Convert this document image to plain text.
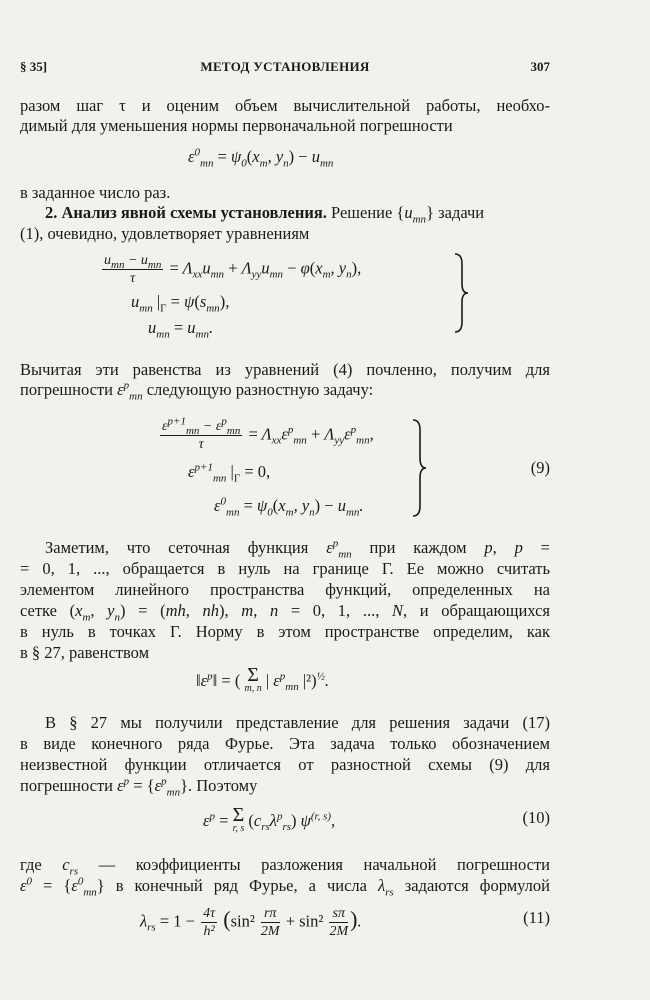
§ 35]	МЕТОД УСТАНОВЛЕНИЯ	307
разом шаг τ и оценим объем вычислительной работы, необхо-
димый для уменьшения нормы первоначальной погрешности
$\varepsilon^0_{mn} = \psi_0(x_m$, $y_n) - u_{mn}$
в заданное число раз.
2. Анализ явной схемы установления. Решение $\{u_{mn}\}$ задачи
(1), очевидно, удовлетворяет уравнениям
$\frac{u_{mn} - u_{mn}}{\tau} = \Lambda_{xx}u_{mn} + \Lambda_{yy}u_{mn} - \varphi(x_m$, $y_n$),
$u_{mn}$ $|_Г = \psi(s_{mn})$,
$u_{mn} = u_{mn}$.
Вычитая эти равенства из уравнений (4) почленно, получим для
погрешности $\varepsilon^p_{mn}$ следующую разностную задачу:
$\frac{\varepsilon^{p+1}_{mn} - \varepsilon^p_{mn}}{\tau} = \Lambda_{xx}\varepsilon^p_{mn} + \Lambda_{yy}\varepsilon^p_{mn}$,
$\varepsilon^{p+1}_{mn}$ $|_Г = 0$,
$\varepsilon^0_{mn} = \psi_0(x_m$, $y_n) - u_{mn}$.
(9)
Заметим, что сеточная функция $\varepsilon^p_{mn}$ при каждом p, p =
= 0, 1, ..., обращается в нуль на границе Г. Ее можно считать
элементом линейного пространства функций, определенных на
сетке ($x_m$, $y_n) = (mh$, nh), m, n = 0, 1, ..., N, и обращающихся
в нуль в точках Г. Норму в этом пространстве определим, как
в § 27, равенством
$‖\varepsilon^p‖$ = ( Σ
m, n | $\varepsilon^p_{mn}$ |²)$^{\frac{1}{2}}$.
В § 27 мы получили представление для решения задачи (17)
в виде конечного ряда Фурье. Эта задача только обозначением
неизвестной функции отличается от разностной схемы (9) для
погрешности $\varepsilon^p = \{\varepsilon^p_{mn}\}$. Поэтому
$\varepsilon^p = \Sigma$
r, s $(c_{rs}\lambda^p_{rs})$ $\psi^{(r, s)}$,	(10)
где $c_{rs}$ — коэффициенты разложения начальной погрешности
$\varepsilon^0 = \{\varepsilon^0_{mn}\}$ в конечный ряд Фурье, а числа $\lambda_{rs}$ задаются формулой
$\lambda_{rs} = 1 - \frac{4\tau}{\text{h²}} (\sin^2 \frac{r\pi}{2M} + \sin^2 \frac{s\pi}{2M}$ ).	(11)
